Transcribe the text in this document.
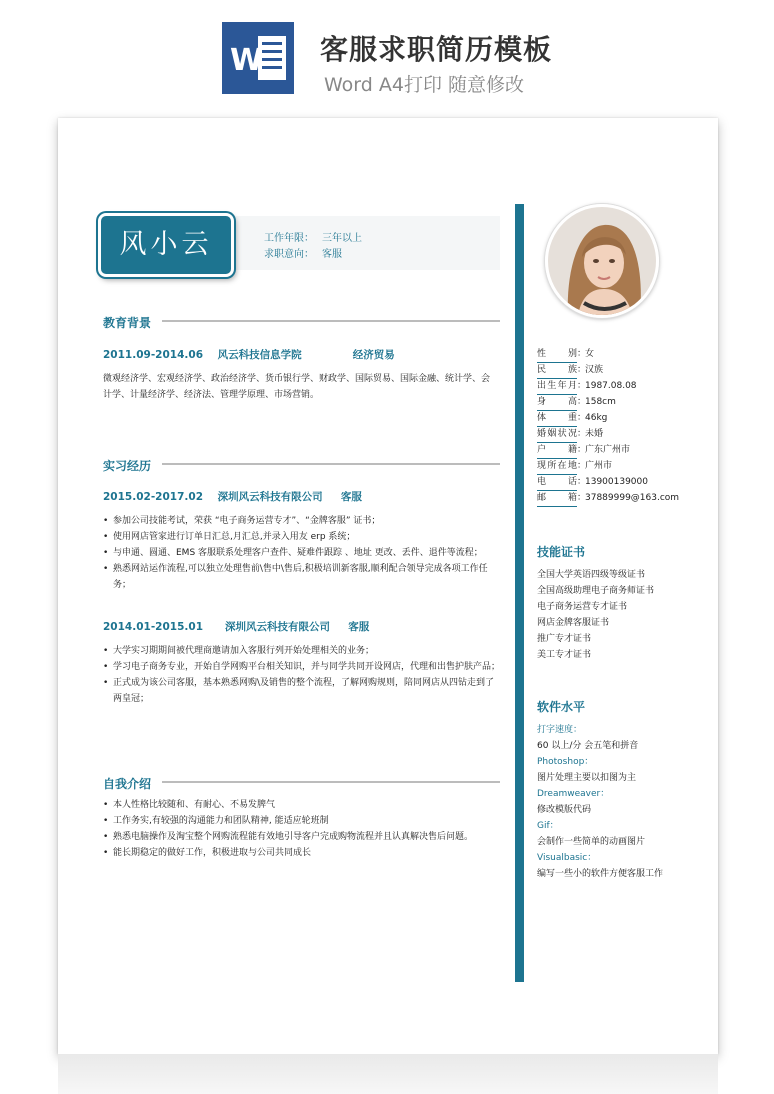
W 客服求职简历模板
Word A4打印 随意修改
风小云	工作年限： 三年以上
求职意向： 客服
教育背景
2011.09-2014.06    风云科技信息学院              经济贸易
微观经济学、宏观经济学、政治经济学、货币银行学、财政学、国际贸易、国际金融、统计学、会计学、计量经济学、经济法、管理学原理、市场营销。
实习经历
2015.02-2017.02    深圳风云科技有限公司     客服
• 参加公司技能考试，荣获 “电子商务运营专才”、“金牌客服” 证书；
• 使用网店管家进行订单日汇总,月汇总,并录入用友 erp 系统；
• 与申通、圆通、EMS 客服联系处理客户查件、疑难件跟踪 、地址 更改、丢件、退件等流程；
• 熟悉网站运作流程,可以独立处理售前\售中\售后,积极培训新客服,顺利配合领导完成各项工作任务；
2014.01-2015.01      深圳风云科技有限公司     客服
• 大学实习期期间被代理商邀请加入客服行列开始处理相关的业务；
• 学习电子商务专业，开始自学网购平台相关知识，并与同学共同开设网店，代理和出售护肤产品；
• 正式成为该公司客服，基本熟悉网购\及销售的整个流程，了解网购规则，陪同网店从四钻走到了两皇冠；
自我介绍
• 本人性格比较随和、有耐心、不易发脾气
• 工作务实,有较强的沟通能力和团队精神, 能适应轮班制
• 熟悉电脑操作及淘宝整个网购流程能有效地引导客户完成购物流程并且认真解决售后问题。
• 能长期稳定的做好工作，积极进取与公司共同成长
性别：女
民族：汉族
出生年月：1987.08.08
身高：158cm
体重：46kg
婚姻状况：未婚
户籍：广东广州市
现所在地：广州市
电话：13900139000
邮箱：37889999@163.com
技能证书
全国大学英语四级等级证书
全国高级助理电子商务师证书
电子商务运营专才证书
网店金牌客服证书
推广专才证书
美工专才证书
软件水平
打字速度：
60 以上/分 会五笔和拼音
Photoshop：
图片处理主要以扣图为主
Dreamweaver：
修改模版代码
Gif：
会制作一些简单的动画图片
Visualbasic：
编写一些小的软件方便客服工作
